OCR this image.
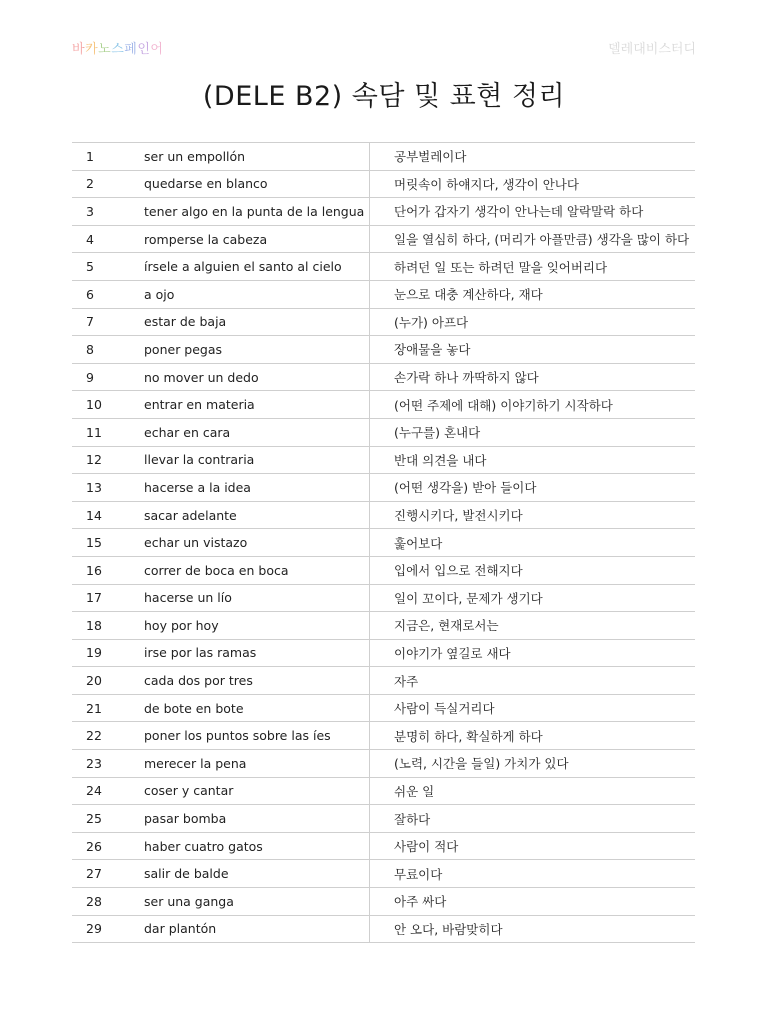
바카노스페인어	델레대비스터디
(DELE B2) 속담 및 표현 정리
1	ser un empollón	공부벌레이다
2	quedarse en blanco	머릿속이 하얘지다, 생각이 안나다
3	tener algo en la punta de la lengua	단어가 갑자기 생각이 안나는데 알락말락 하다
4	romperse la cabeza	일을 열심히 하다, (머리가 아플만큼) 생각을 많이 하다
5	írsele a alguien el santo al cielo	하려던 일 또는 하려던 말을 잊어버리다
6	a ojo	눈으로 대충 계산하다, 재다
7	estar de baja	(누가) 아프다
8	poner pegas	장애물을 놓다
9	no mover un dedo	손가락 하나 까딱하지 않다
10	entrar en materia	(어떤 주제에 대해) 이야기하기 시작하다
11	echar en cara	(누구를) 혼내다
12	llevar la contraria	반대 의견을 내다
13	hacerse a la idea	(어떤 생각을) 받아 들이다
14	sacar adelante	진행시키다, 발전시키다
15	echar un vistazo	훑어보다
16	correr de boca en boca	입에서 입으로 전해지다
17	hacerse un lío	일이 꼬이다, 문제가 생기다
18	hoy por hoy	지금은, 현재로서는
19	irse por las ramas	이야기가 옆길로 새다
20	cada dos por tres	자주
21	de bote en bote	사람이 득실거리다
22	poner los puntos sobre las íes	분명히 하다, 확실하게 하다
23	merecer la pena	(노력, 시간을 들일) 가치가 있다
24	coser y cantar	쉬운 일
25	pasar bomba	잘하다
26	haber cuatro gatos	사람이 적다
27	salir de balde	무료이다
28	ser una ganga	아주 싸다
29	dar plantón	안 오다, 바람맞히다
